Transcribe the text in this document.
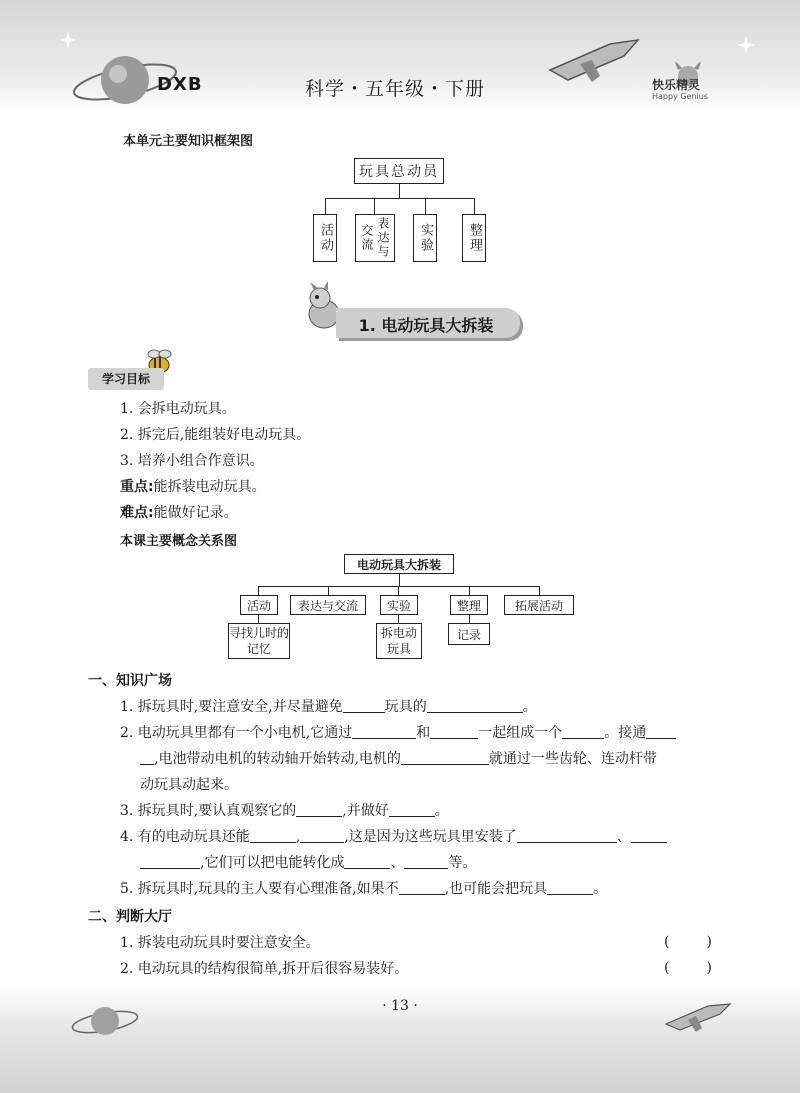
DXB	科学・五年级・下册	快乐精灵
Happy Genius
本单元主要知识框架图
玩具总动员
活动	表达与交流	实验	整理
1. 电动玩具大拆装
学习目标
1. 会拆电动玩具。
2. 拆完后,能组装好电动玩具。
3. 培养小组合作意识。
重点:能拆装电动玩具。
难点:能做好记录。
本课主要概念关系图
电动玩具大拆装
活动	表达与交流	实验	整理	拓展活动
寻找儿时的记忆
拆电动玩具
记录
一、知识广场
1. 拆玩具时,要注意安全,并尽量避免	玩具的	。
2. 电动玩具里都有一个小电机,它通过	和	一起组成一个	。接通
,电池带动电机的转动轴开始转动,电机的	就通过一些齿轮、连动杆带
动玩具动起来。
3. 拆玩具时,要认真观察它的	,并做好	。
4. 有的电动玩具还能	,	,这是因为这些玩具里安装了	、
,它们可以把电能转化成	、	等。
5. 拆玩具时,玩具的主人要有心理准备,如果不	,也可能会把玩具	。
二、判断大厅
1. 拆装电动玩具时要注意安全。	(	)
2. 电动玩具的结构很简单,拆开后很容易装好。	(	)
· 13 ·
